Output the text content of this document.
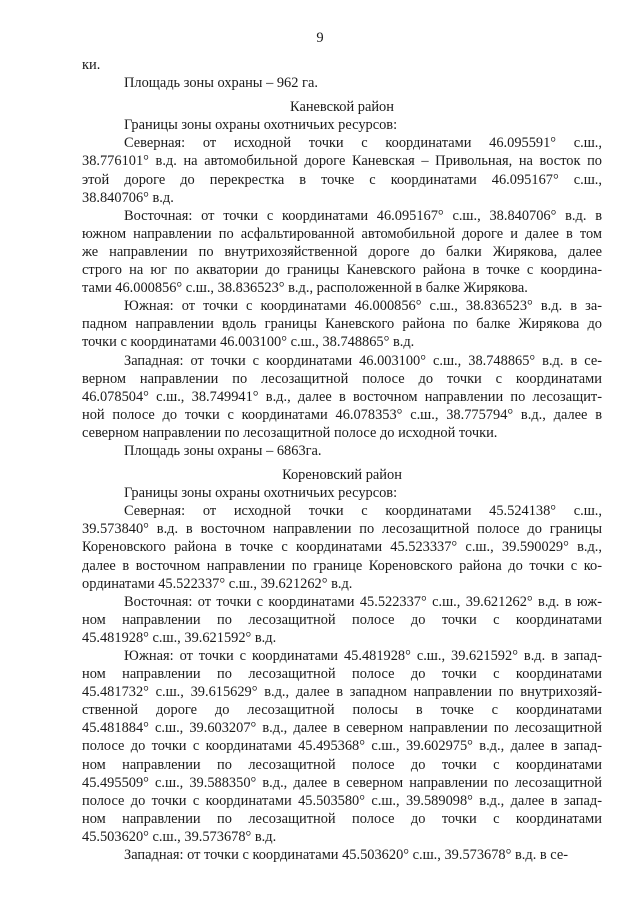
9
ки.
Площадь зоны охраны – 962 га.
Каневской район
Границы зоны охраны охотничьих ресурсов:
Северная: от исходной точки с координатами 46.095591° с.ш.,
38.776101° в.д. на автомобильной дороге Каневская – Привольная, на восток по
этой дороге до перекрестка в точке с координатами 46.095167° с.ш.,
38.840706° в.д.
Восточная: от точки с координатами 46.095167° с.ш., 38.840706° в.д. в
южном направлении по асфальтированной автомобильной дороге и далее в том
же направлении по внутрихозяйственной дороге до балки Жирякова, далее
строго на юг по акватории до границы Каневского района в точке с координа-
тами 46.000856° с.ш., 38.836523° в.д., расположенной в балке Жирякова.
Южная: от точки с координатами 46.000856° с.ш., 38.836523° в.д. в за-
падном направлении вдоль границы Каневского района по балке Жирякова до
точки с координатами 46.003100° с.ш., 38.748865° в.д.
Западная: от точки с координатами 46.003100° с.ш., 38.748865° в.д. в се-
верном направлении по лесозащитной полосе до точки с координатами
46.078504° с.ш., 38.749941° в.д., далее в восточном направлении по лесозащит-
ной полосе до точки с координатами 46.078353° с.ш., 38.775794° в.д., далее в
северном направлении по лесозащитной полосе до исходной точки.
Площадь зоны охраны – 6863га.
Кореновский район
Границы зоны охраны охотничьих ресурсов:
Северная: от исходной точки с координатами 45.524138° с.ш.,
39.573840° в.д. в восточном направлении по лесозащитной полосе до границы
Кореновского района в точке с координатами 45.523337° с.ш., 39.590029° в.д.,
далее в восточном направлении по границе Кореновского района до точки с ко-
ординатами 45.522337° с.ш., 39.621262° в.д.
Восточная: от точки с координатами 45.522337° с.ш., 39.621262° в.д. в юж-
ном направлении по лесозащитной полосе до точки с координатами
45.481928° с.ш., 39.621592° в.д.
Южная: от точки с координатами 45.481928° с.ш., 39.621592° в.д. в запад-
ном направлении по лесозащитной полосе до точки с координатами
45.481732° с.ш., 39.615629° в.д., далее в западном направлении по внутрихозяй-
ственной дороге до лесозащитной полосы в точке с координатами
45.481884° с.ш., 39.603207° в.д., далее в северном направлении по лесозащитной
полосе до точки с координатами 45.495368° с.ш., 39.602975° в.д., далее в запад-
ном направлении по лесозащитной полосе до точки с координатами
45.495509° с.ш., 39.588350° в.д., далее в северном направлении по лесозащитной
полосе до точки с координатами 45.503580° с.ш., 39.589098° в.д., далее в запад-
ном направлении по лесозащитной полосе до точки с координатами
45.503620° с.ш., 39.573678° в.д.
Западная: от точки с координатами 45.503620° с.ш., 39.573678° в.д. в се-
